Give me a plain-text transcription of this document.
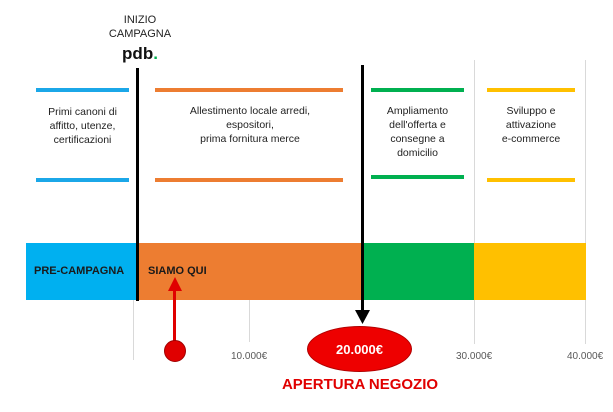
INIZIO
CAMPAGNA
pdb.
Primi canoni di
affitto, utenze,
certificazioni
Allestimento locale arredi,
espositori,
prima fornitura merce
Ampliamento
dell'offerta e
consegne a
domicilio
Sviluppo e
attivazione
e-commerce
PRE-CAMPAGNA SIAMO QUI
10.000€	30.000€	40.000€
20.000€
APERTURA NEGOZIO
